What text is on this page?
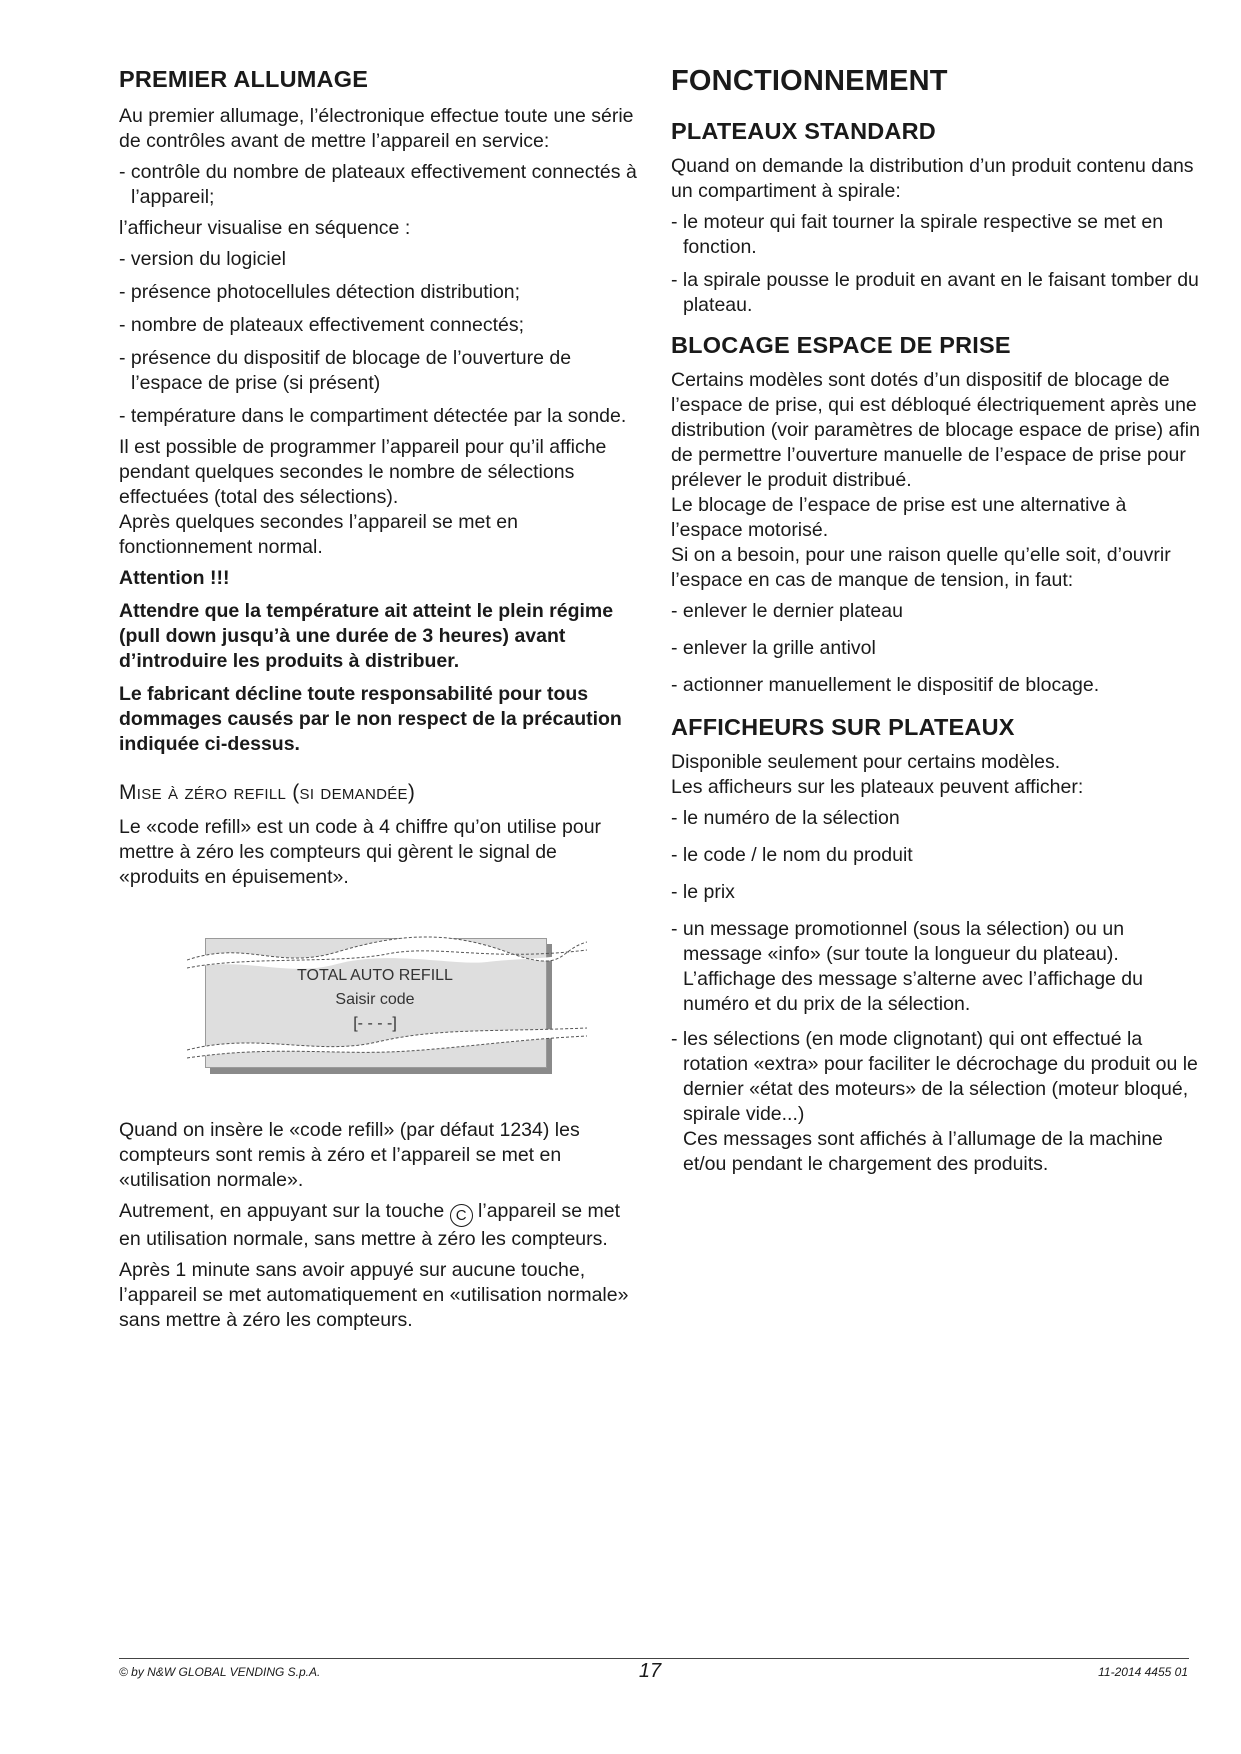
PREMIER ALLUMAGE

Au premier allumage, l’électronique effectue toute une série de contrôles avant de mettre l’appareil en service:

- contrôle du nombre de plateaux effectivement connectés à l’appareil;

l’afficheur visualise en séquence :

- version du logiciel

- présence photocellules détection distribution;

- nombre de plateaux effectivement connectés;

- présence du dispositif de blocage de l’ouverture de l’espace de prise (si présent)

- température dans le compartiment détectée par la sonde.

Il est possible de programmer l’appareil pour qu’il affiche pendant quelques secondes le nombre de sélections effectuées (total des sélections).

Après quelques secondes l’appareil se met en fonctionnement normal.

Attention !!!

Attendre que la température ait atteint le plein régime (pull down jusqu’à une durée de 3 heures) avant d’introduire les produits à distribuer.

Le fabricant décline toute responsabilité pour tous dommages causés par le non respect de la précaution indiquée ci-dessus.

Mise à zéro refill (si demandée)

Le «code refill» est un code à 4 chiffre qu’on utilise pour mettre à zéro les compteurs qui gèrent le signal de «produits en épuisement».

TOTAL AUTO REFILL
Saisir code
[- - - -]

Quand on insère le «code refill» (par défaut 1234) les compteurs sont remis à zéro et l’appareil se met en «utilisation normale».

Autrement, en appuyant sur la touche C l’appareil se met en utilisation normale, sans mettre à zéro les compteurs.

Après 1 minute sans avoir appuyé sur aucune touche, l’appareil se met automatiquement en «utilisation normale» sans mettre à zéro les compteurs.

FONCTIONNEMENT
PLATEAUX STANDARD

Quand on demande la distribution d’un produit contenu dans un compartiment à spirale:

- le moteur qui fait tourner la spirale respective se met en fonction.

- la spirale pousse le produit en avant en le faisant tomber du plateau.

BLOCAGE ESPACE DE PRISE

Certains modèles sont dotés d’un dispositif de blocage de l’espace de prise, qui est débloqué électriquement après une distribution (voir paramètres de blocage espace de prise) afin de permettre l’ouverture manuelle de l’espace de prise pour prélever le produit distribué.

Le blocage de l’espace de prise est une alternative à l’espace motorisé.

Si on a besoin, pour une raison quelle qu’elle soit, d’ouvrir l’espace en cas de manque de tension, in faut:

- enlever le dernier plateau

- enlever la grille antivol

- actionner manuellement le dispositif de blocage.

AFFICHEURS SUR PLATEAUX

Disponible seulement pour certains modèles.

Les afficheurs sur les plateaux peuvent afficher:

- le numéro de la sélection

- le code / le nom du produit

- le prix

- un message promotionnel (sous la sélection) ou un message «info» (sur toute la longueur du plateau). L’affichage des message s’alterne avec l’affichage du numéro et du prix de la sélection.

- les sélections (en mode clignotant) qui ont effectué la rotation «extra» pour faciliter le décrochage du produit ou le dernier «état des moteurs» de la sélection (moteur bloqué, spirale vide...)

Ces messages sont affichés à l’allumage de la machine et/ou pendant le chargement des produits.

© by N&W GLOBAL VENDING S.p.A.	17	11-2014 4455 01
